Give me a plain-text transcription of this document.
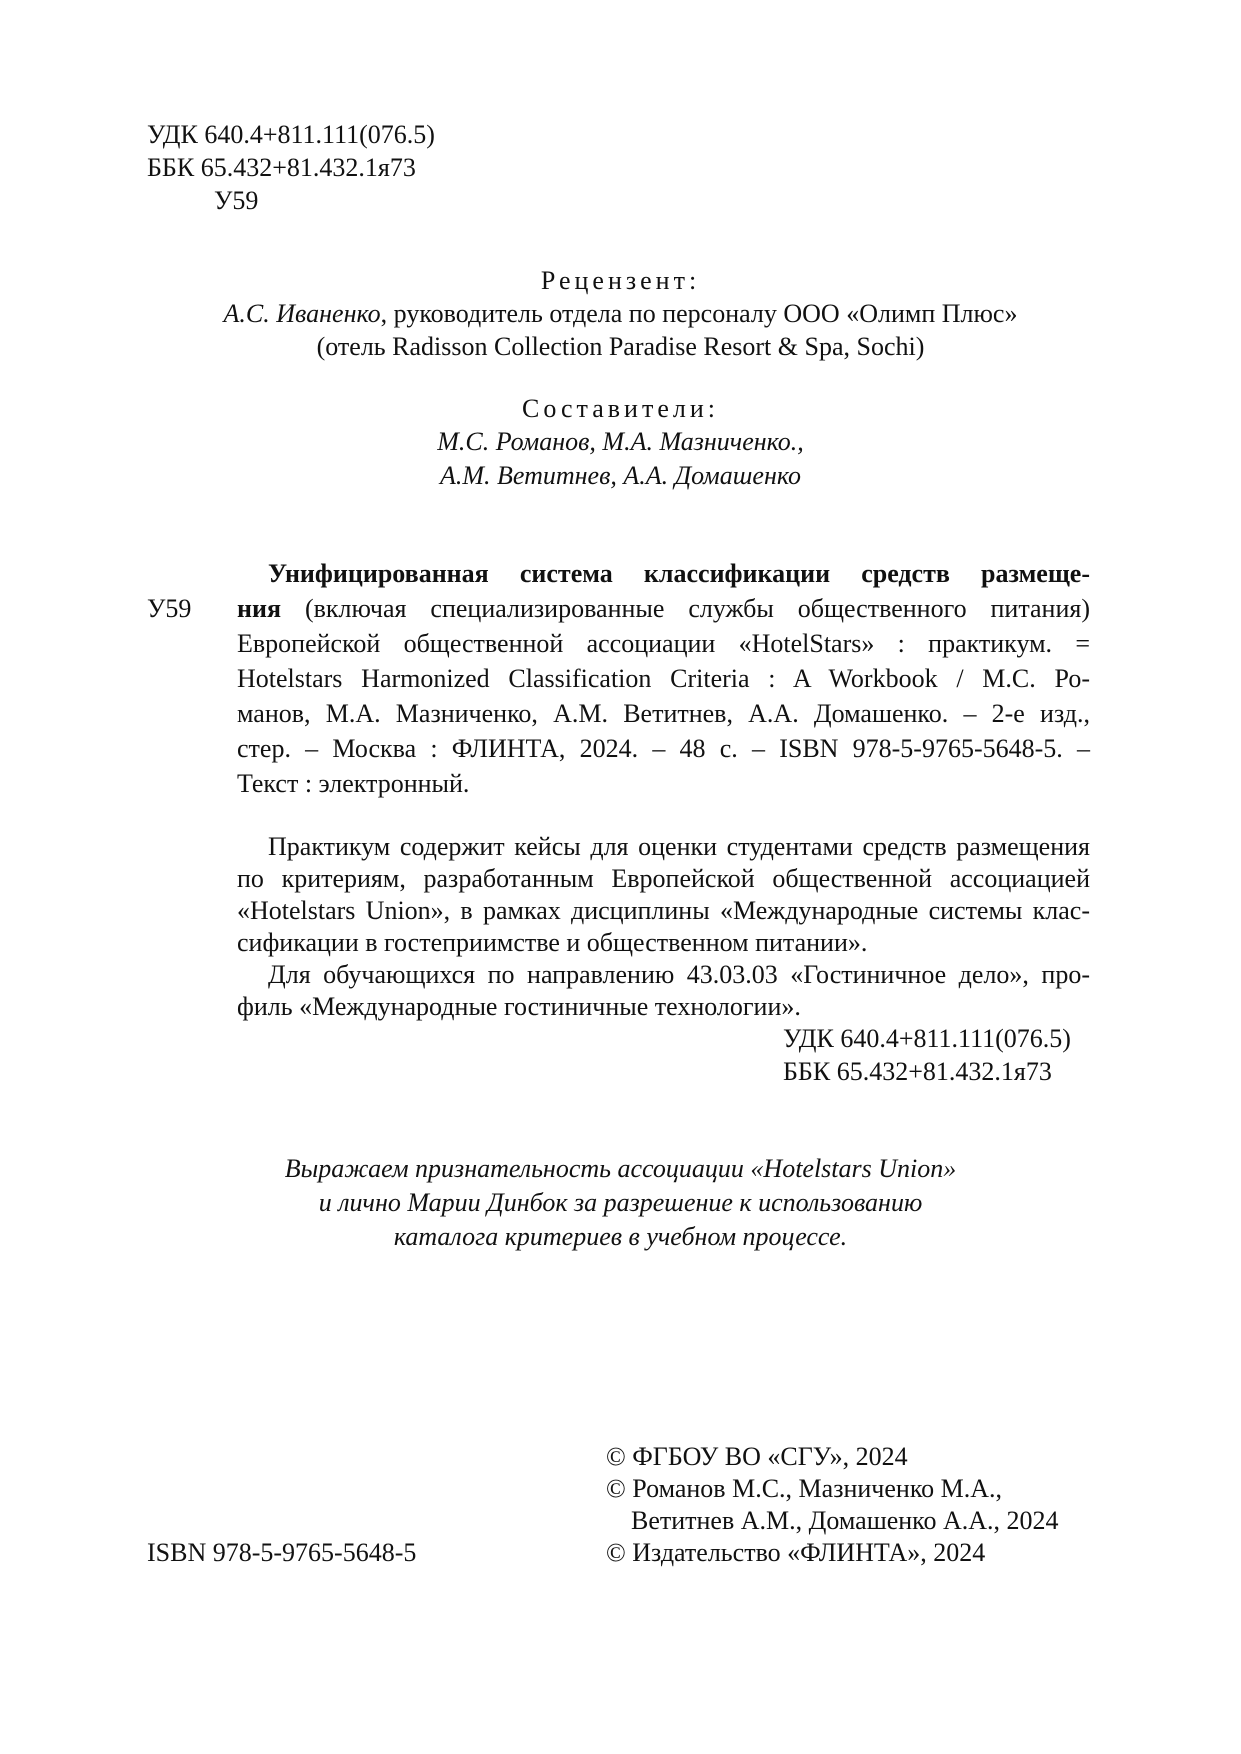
УДК 640.4+811.111(076.5)
ББК 65.432+81.432.1я73
У59
Рецензент:
А.С. Иваненко, руководитель отдела по персоналу ООО «Олимп Плюс»
(отель Radisson Collection Paradise Resort & Spa, Sochi)
Составители:
М.С. Романов, М.А. Мазниченко.,
А.М. Ветитнев, А.А. Домашенко
У59
Унифицированная система классификации средств размеще-
ния (включая специализированные службы общественного питания)
Европейской общественной ассоциации «HotelStars» : практикум. =
Hotelstars Harmonized Classification Criteria : A Workbook / М.С. Ро-
манов, М.А. Мазниченко, А.М. Ветитнев, А.А. Домашенко. – 2-е изд.,
стер. – Москва : ФЛИНТА, 2024. – 48 с. – ISBN 978-5-9765-5648-5. –
Текст : электронный.
Практикум содержит кейсы для оценки студентами средств размещения
по критериям, разработанным Европейской общественной ассоциацией
«Hotelstars Union», в рамках дисциплины «Международные системы клас-
сификации в гостеприимстве и общественном питании».
Для обучающихся по направлению 43.03.03 «Гостиничное дело», про-
филь «Международные гостиничные технологии».
УДК 640.4+811.111(076.5)
ББК 65.432+81.432.1я73
Выражаем признательность ассоциации «Hotelstars Union»
и лично Марии Динбок за разрешение к использованию
каталога критериев в учебном процессе.
© ФГБОУ ВО «СГУ», 2024
© Романов М.С., Мазниченко М.А.,
Ветитнев А.М., Домашенко А.А., 2024
© Издательство «ФЛИНТА», 2024
ISBN 978-5-9765-5648-5
